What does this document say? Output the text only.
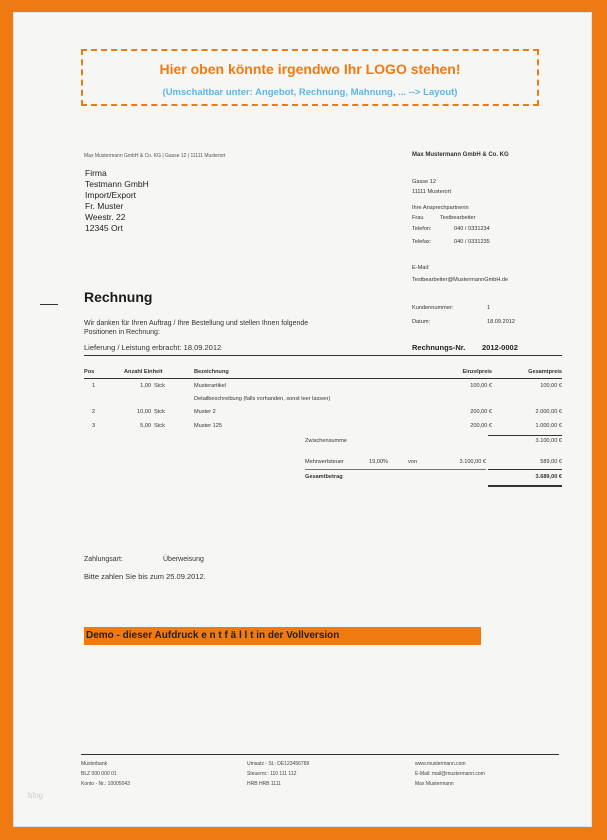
Hier oben könnte irgendwo Ihr LOGO stehen!
(Umschaltbar unter: Angebot, Rechnung, Mahnung, ... --> Layout)
Max Mustermann GmbH & Co. KG | Gasse 12 | 11111 Musterort	Max Mustermann GmbH & Co. KG
Firma
Testmann GmbH
Import/Export
Fr. Muster
Weestr. 22
12345 Ort
Gasse 12
11111 Musterort
Ihre Ansprechpartnerin
Frau	Testbearbeiter
Telefon:	040 / 0331234
Telefax:	040 / 0331235
E-Mail:
Testbearbeiter@MustermannGmbH.de
Rechnung
Kundennummer:	1
Datum:	18.09.2012
Wir danken für Ihren Auftrag / Ihre Bestellung und stellen Ihnen folgende
Positionen in Rechnung:
Lieferung / Leistung erbracht: 18.09.2012	Rechnungs-Nr. 2012-0002
Pos	Anzahl Einheit		Bezeichnung	Einzelpreis	Gesamtpreis
1	1,00	Stck	Musterartikel	100,00 €	100,00 €
			Detailbeschreibung (falls vorhanden, sonst leer lassen)		
2	10,00	Stck	Muster 2	200,00 €	2.000,00 €
3	5,00	Stck	Muster 125	200,00 €	1.000,00 €
Zwischensumme	3.100,00 €
Mehrwertsteuer	19,00%	von	3.100,00 €	589,00 €
Gesamtbetrag	3.689,00 €
Zahlungsart:	Überweisung
Bitte zahlen Sie bis zum 25.09.2012.
Demo - dieser Aufdruck e n t f ä l l t in der Vollversion
Musterbank
BLZ 000 000 01
Konto - Nr.: 10005043
Umsatz - St.: DE123456789
Steuernr.: 110 111 112
HRB HRB 1111
www.mustermann.com
E-Mail: mail@mustermann.com
Max Mustermann
blog
